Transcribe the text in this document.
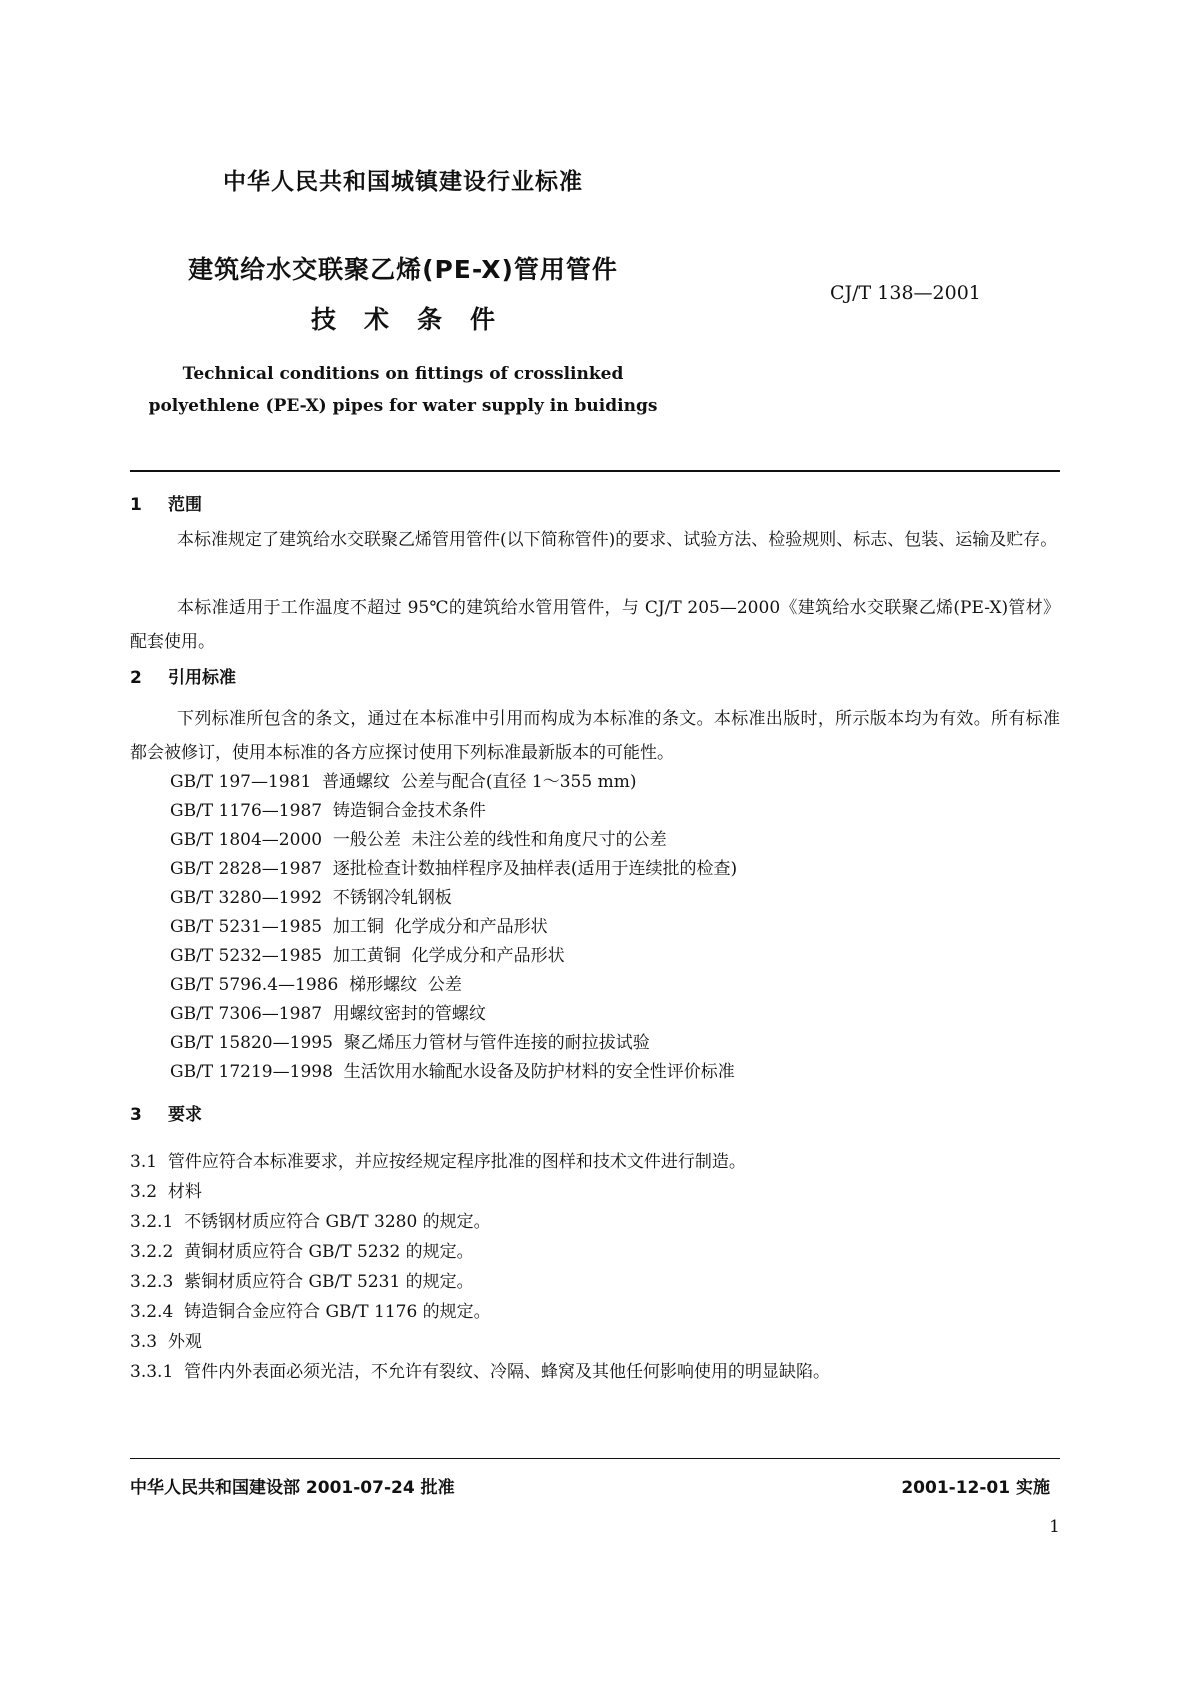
中华人民共和国城镇建设行业标准
建筑给水交联聚乙烯(PE-X)管用管件
技术条件
CJ/T 138—2001
Technical conditions on fittings of crosslinked
polyethlene (PE-X) pipes for water supply in buidings
1 范围
本标准规定了建筑给水交联聚乙烯管用管件(以下简称管件)的要求、试验方法、检验规则、标志、包装、运输及贮存。
本标准适用于工作温度不超过 95℃的建筑给水管用管件，与 CJ/T 205—2000《建筑给水交联聚乙烯(PE-X)管材》配套使用。
2 引用标准
下列标准所包含的条文，通过在本标准中引用而构成为本标准的条文。本标准出版时，所示版本均为有效。所有标准都会被修订，使用本标准的各方应探讨使用下列标准最新版本的可能性。
GB/T 197—1981  普通螺纹  公差与配合(直径 1～355 mm)
GB/T 1176—1987  铸造铜合金技术条件
GB/T 1804—2000  一般公差  未注公差的线性和角度尺寸的公差
GB/T 2828—1987  逐批检查计数抽样程序及抽样表(适用于连续批的检查)
GB/T 3280—1992  不锈钢冷轧钢板
GB/T 5231—1985  加工铜  化学成分和产品形状
GB/T 5232—1985  加工黄铜  化学成分和产品形状
GB/T 5796.4—1986  梯形螺纹  公差
GB/T 7306—1987  用螺纹密封的管螺纹
GB/T 15820—1995  聚乙烯压力管材与管件连接的耐拉拔试验
GB/T 17219—1998  生活饮用水输配水设备及防护材料的安全性评价标准
3 要求
3.1  管件应符合本标准要求，并应按经规定程序批准的图样和技术文件进行制造。
3.2  材料
3.2.1  不锈钢材质应符合 GB/T 3280 的规定。
3.2.2  黄铜材质应符合 GB/T 5232 的规定。
3.2.3  紫铜材质应符合 GB/T 5231 的规定。
3.2.4  铸造铜合金应符合 GB/T 1176 的规定。
3.3  外观
3.3.1  管件内外表面必须光洁，不允许有裂纹、冷隔、蜂窝及其他任何影响使用的明显缺陷。
中华人民共和国建设部 2001-07-24 批准	2001-12-01 实施
1
